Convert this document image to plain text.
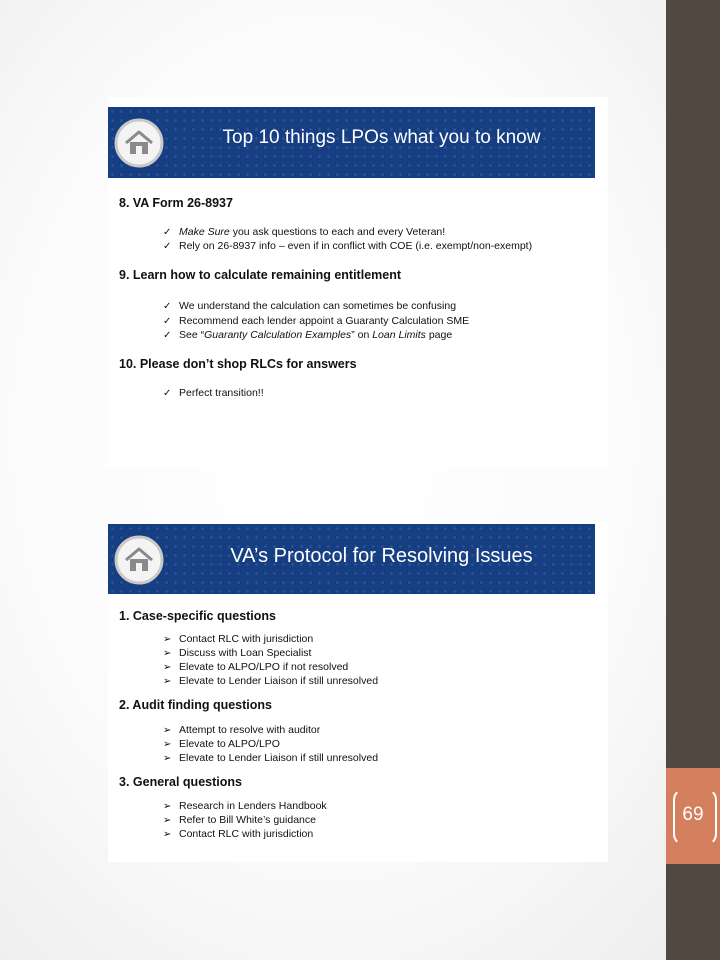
69
Top 10 things LPOs what you to know
8. VA Form 26-8937
✓ Make Sure you ask questions to each and every Veteran!
✓ Rely on 26-8937 info – even if in conflict with COE (i.e. exempt/non-exempt)
9. Learn how to calculate remaining entitlement
✓ We understand the calculation can sometimes be confusing
✓ Recommend each lender appoint a Guaranty Calculation SME
✓ See “Guaranty Calculation Examples” on Loan Limits page
10. Please don’t shop RLCs for answers
✓ Perfect transition!!
VA’s Protocol for Resolving Issues
1. Case-specific questions
➢ Contact RLC with jurisdiction
➢ Discuss with Loan Specialist
➢ Elevate to ALPO/LPO if not resolved
➢ Elevate to Lender Liaison if still unresolved
2. Audit finding questions
➢ Attempt to resolve with auditor
➢ Elevate to ALPO/LPO
➢ Elevate to Lender Liaison if still unresolved
3. General questions
➢ Research in Lenders Handbook
➢ Refer to Bill White’s guidance
➢ Contact RLC with jurisdiction
